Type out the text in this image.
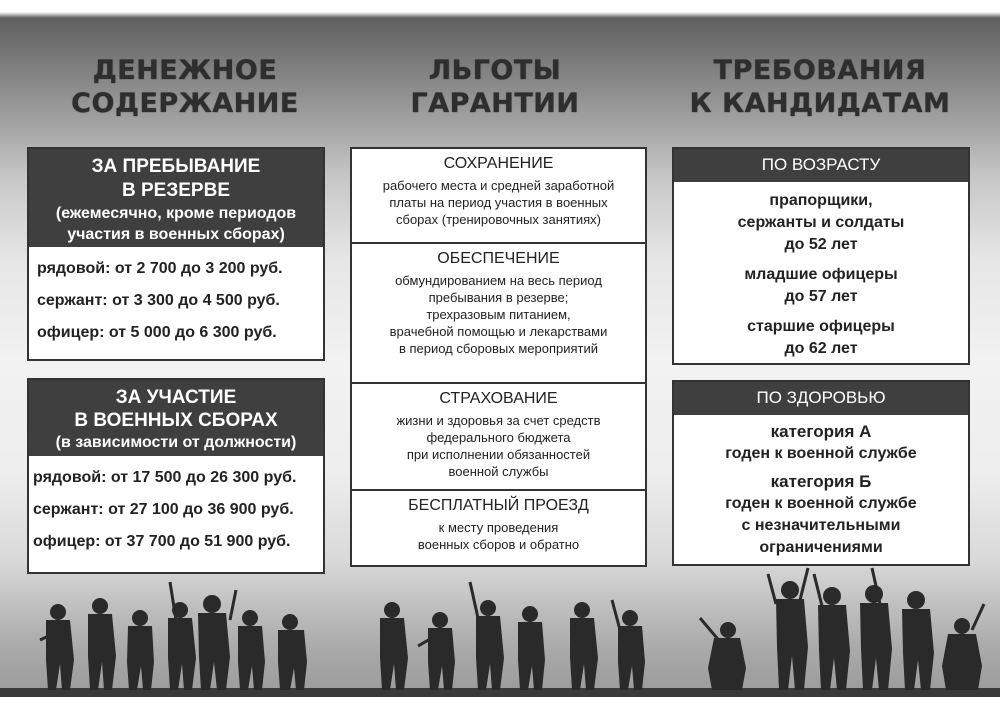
ДЕНЕЖНОЕ
СОДЕРЖАНИЕ
ЛЬГОТЫ
ГАРАНТИИ
ТРЕБОВАНИЯ
К КАНДИДАТАМ
ЗА ПРЕБЫВАНИЕ
В РЕЗЕРВЕ
(ежемесячно, кроме периодов
участия в военных сборах)
рядовой: от 2 700 до 3 200 руб.
сержант: от 3 300 до 4 500 руб.
офицер: от 5 000 до 6 300 руб.
ЗА УЧАСТИЕ
В ВОЕННЫХ СБОРАХ
(в зависимости от должности)
рядовой: от 17 500 до 26 300 руб.
сержант: от 27 100 до 36 900 руб.
офицер: от 37 700 до 51 900 руб.
СОХРАНЕНИЕ
рабочего места и средней заработной
платы на период участия в военных
сборах (тренировочных занятиях)
ОБЕСПЕЧЕНИЕ
обмундированием на весь период
пребывания в резерве;
трехразовым питанием,
врачебной помощью и лекарствами
в период сборовых мероприятий
СТРАХОВАНИЕ
жизни и здоровья за счет средств
федерального бюджета
при исполнении обязанностей
военной службы
БЕСПЛАТНЫЙ ПРОЕЗД
к месту проведения
военных сборов и обратно
ПО ВОЗРАСТУ
прапорщики,
сержанты и солдаты
до 52 лет
младшие офицеры
до 57 лет
старшие офицеры
до 62 лет
ПО ЗДОРОВЬЮ
категория А
годен к военной службе
категория Б
годен к военной службе
с незначительными
ограничениями
